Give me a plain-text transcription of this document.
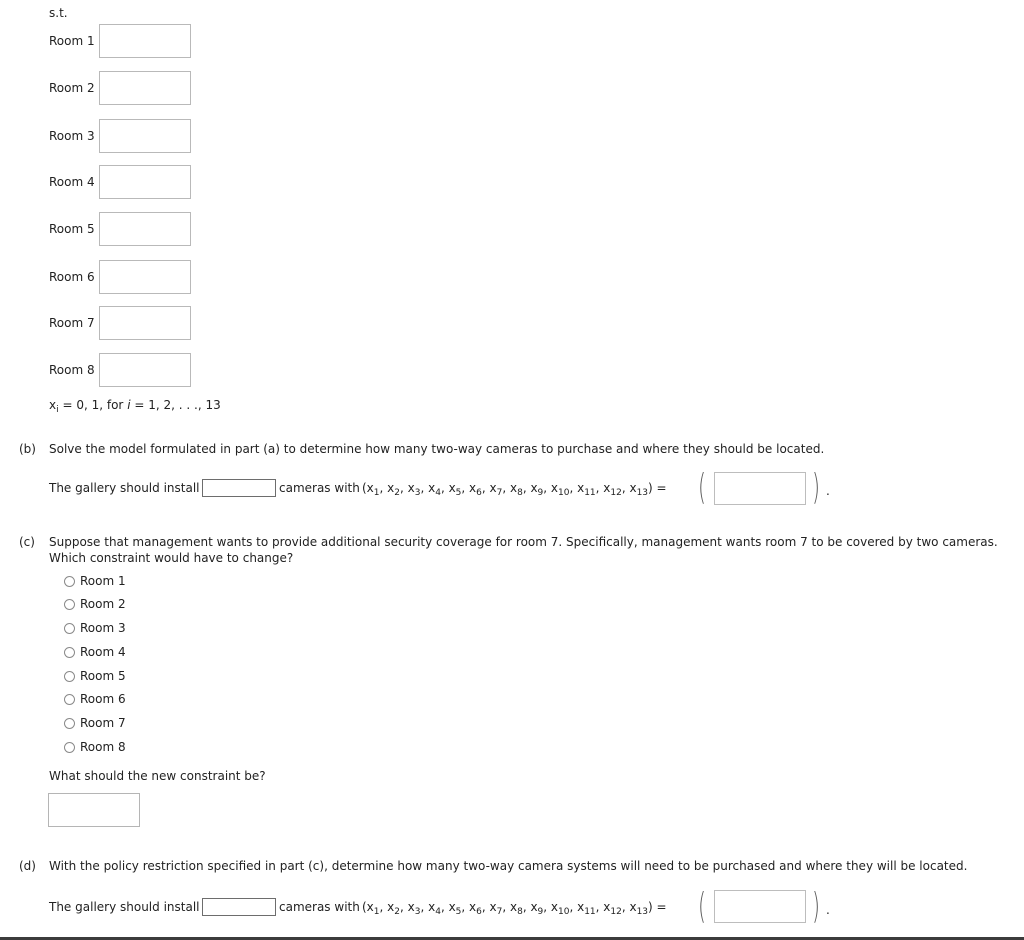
s.t.
Room 1
Room 2
Room 3
Room 4
Room 5
Room 6
Room 7
Room 8
$x_i = 0$, 1, for i = 1, 2, . . ., 13
(b) Solve the model formulated in part (a) to determine how many two-way cameras to purchase and where they should be located.
The gallery should install	cameras with ($x_1$, $x_2$, $x_3$, $x_4$, $x_5$, $x_6$, $x_7$, $x_8$, $x_9$, $x_{10}$, $x_{11}$, $x_{12}$, $x_{13}$) = (	) .
(c) Suppose that management wants to provide additional security coverage for room 7. Specifically, management wants room 7 to be covered by two cameras.
Which constraint would have to change?
Room 1
Room 2
Room 3
Room 4
Room 5
Room 6
Room 7
Room 8
What should the new constraint be?
(d) With the policy restriction specified in part (c), determine how many two-way camera systems will need to be purchased and where they will be located.
The gallery should install	cameras with ($x_1$, $x_2$, $x_3$, $x_4$, $x_5$, $x_6$, $x_7$, $x_8$, $x_9$, $x_{10}$, $x_{11}$, $x_{12}$, $x_{13}$) = (	) .
